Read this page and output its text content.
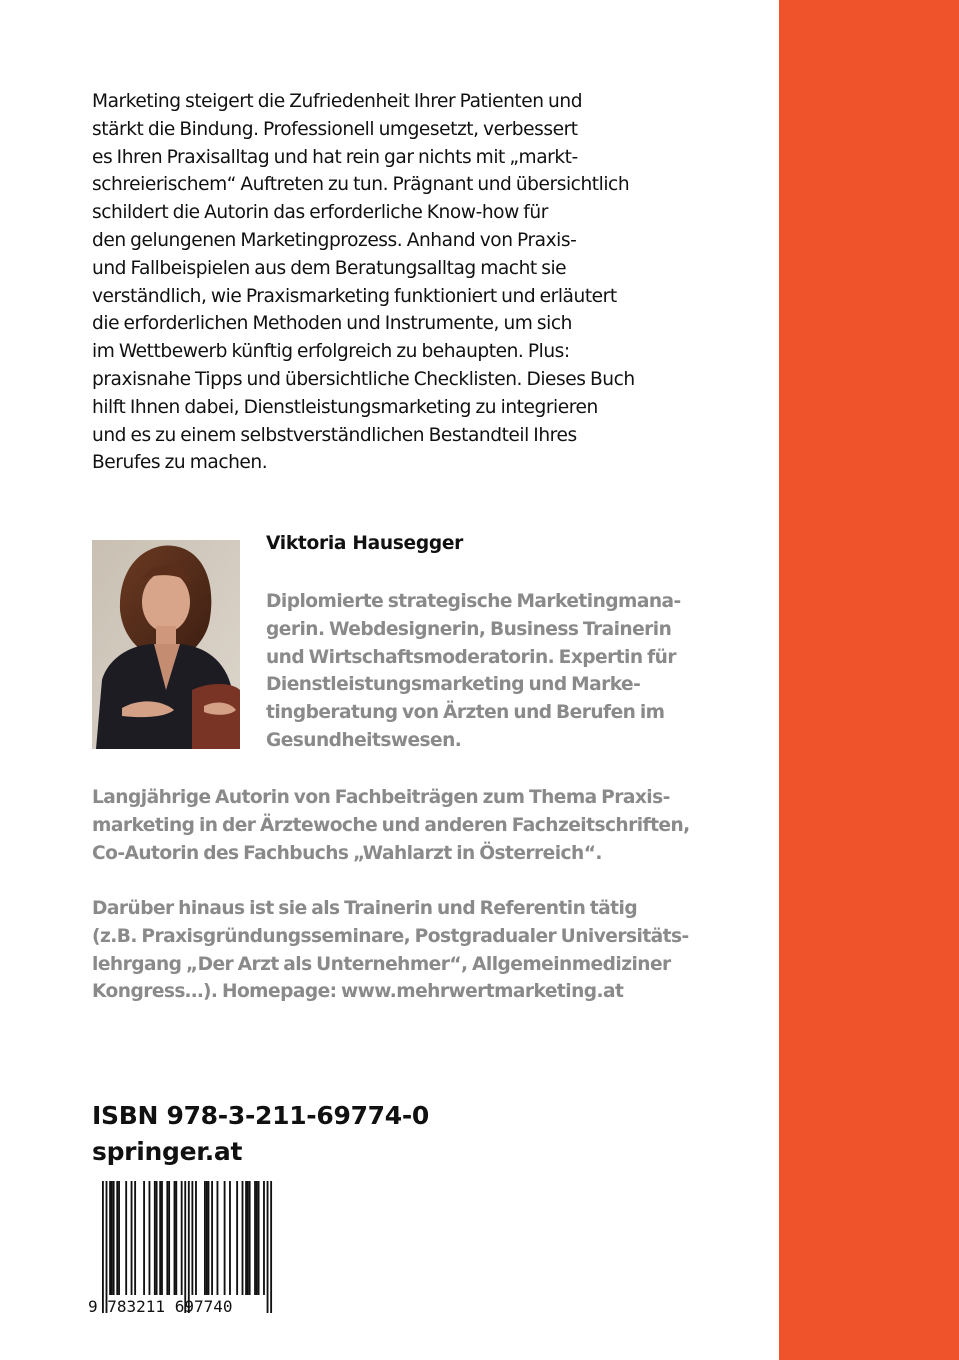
Marketing steigert die Zufriedenheit Ihrer Patienten und
stärkt die Bindung. Professionell umgesetzt, verbessert
es Ihren Praxisalltag und hat rein gar nichts mit „markt-
schreierischem“ Auftreten zu tun. Prägnant und übersichtlich
schildert die Autorin das erforderliche Know-how für
den gelungenen Marketingprozess. Anhand von Praxis-
und Fallbeispielen aus dem Beratungsalltag macht sie
verständlich, wie Praxismarketing funktioniert und erläutert
die erforderlichen Methoden und Instrumente, um sich
im Wettbewerb künftig erfolgreich zu behaupten. Plus:
praxisnahe Tipps und übersichtliche Checklisten. Dieses Buch
hilft Ihnen dabei, Dienstleistungsmarketing zu integrieren
und es zu einem selbstverständlichen Bestandteil Ihres
Berufes zu machen.

Viktoria Hausegger

Diplomierte strategische Marketingmana-
gerin. Webdesignerin, Business Trainerin
und Wirtschaftsmoderatorin. Expertin für
Dienstleistungsmarketing und Marke-
tingberatung von Ärzten und Berufen im
Gesundheitswesen.

Langjährige Autorin von Fachbeiträgen zum Thema Praxis-
marketing in der Ärztewoche und anderen Fachzeitschriften,
Co-Autorin des Fachbuchs „Wahlarzt in Österreich“.

Darüber hinaus ist sie als Trainerin und Referentin tätig
(z.B. Praxisgründungsseminare, Postgradualer Universitäts-
lehrgang „Der Arzt als Unternehmer“, Allgemeinmediziner
Kongress…). Homepage: www.mehrwertmarketing.at

ISBN 978-3-211-69774-0

springer.at

9 783211 697740
